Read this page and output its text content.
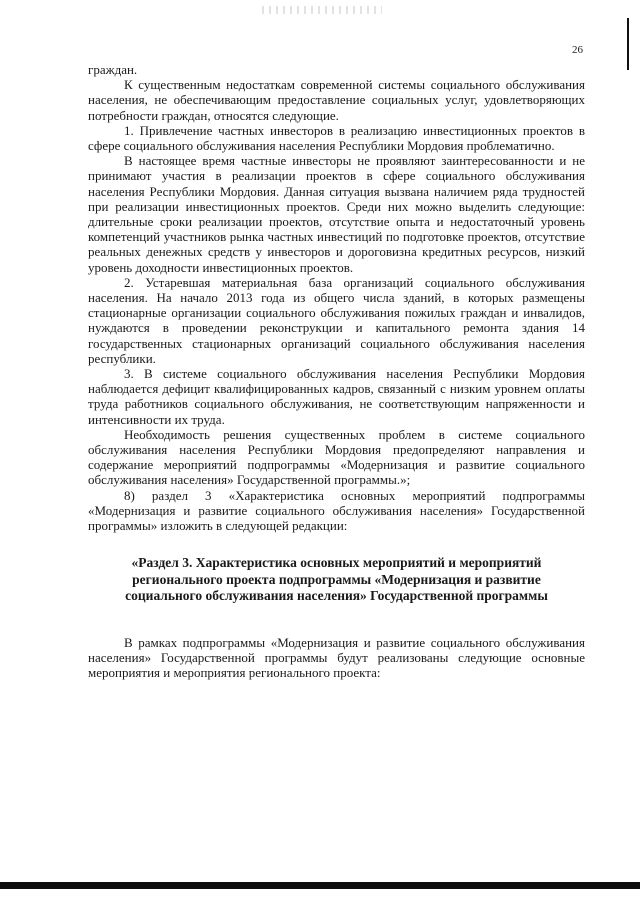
26

граждан.

К существенным недостаткам современной системы социального обслуживания населения, не обеспечивающим предоставление социальных услуг, удовлетворяющих потребности граждан, относятся следующие.

1. Привлечение частных инвесторов в реализацию инвестиционных проектов в сфере социального обслуживания населения Республики Мордовия проблематично.

В настоящее время частные инвесторы не проявляют заинтересованности и не принимают участия в реализации проектов в сфере социального обслуживания населения Республики Мордовия. Данная ситуация вызвана наличием ряда трудностей при реализации инвестиционных проектов. Среди них можно выделить следующие: длительные сроки реализации проектов, отсутствие опыта и недостаточный уровень компетенций участников рынка частных инвестиций по подготовке проектов, отсутствие реальных денежных средств у инвесторов и дороговизна кредитных ресурсов, низкий уровень доходности инвестиционных проектов.

2. Устаревшая материальная база организаций социального обслуживания населения. На начало 2013 года из общего числа зданий, в которых размещены стационарные организации социального обслуживания пожилых граждан и инвалидов, нуждаются в проведении реконструкции и капитального ремонта здания 14 государственных стационарных организаций социального обслуживания населения республики.

3. В системе социального обслуживания населения Республики Мордовия наблюдается дефицит квалифицированных кадров, связанный с низким уровнем оплаты труда работников социального обслуживания, не соответствующим напряженности и интенсивности их труда.

Необходимость решения существенных проблем в системе социального обслуживания населения Республики Мордовия предопределяют направления и содержание мероприятий подпрограммы «Модернизация и развитие социального обслуживания населения» Государственной программы.»;

8) раздел 3 «Характеристика основных мероприятий подпрограммы «Модернизация и развитие социального обслуживания населения» Государственной программы» изложить в следующей редакции:

«Раздел 3. Характеристика основных мероприятий и мероприятий регионального проекта подпрограммы «Модернизация и развитие социального обслуживания населения» Государственной программы

В рамках подпрограммы «Модернизация и развитие социального обслуживания населения» Государственной программы будут реализованы следующие основные мероприятия и мероприятия регионального проекта:
